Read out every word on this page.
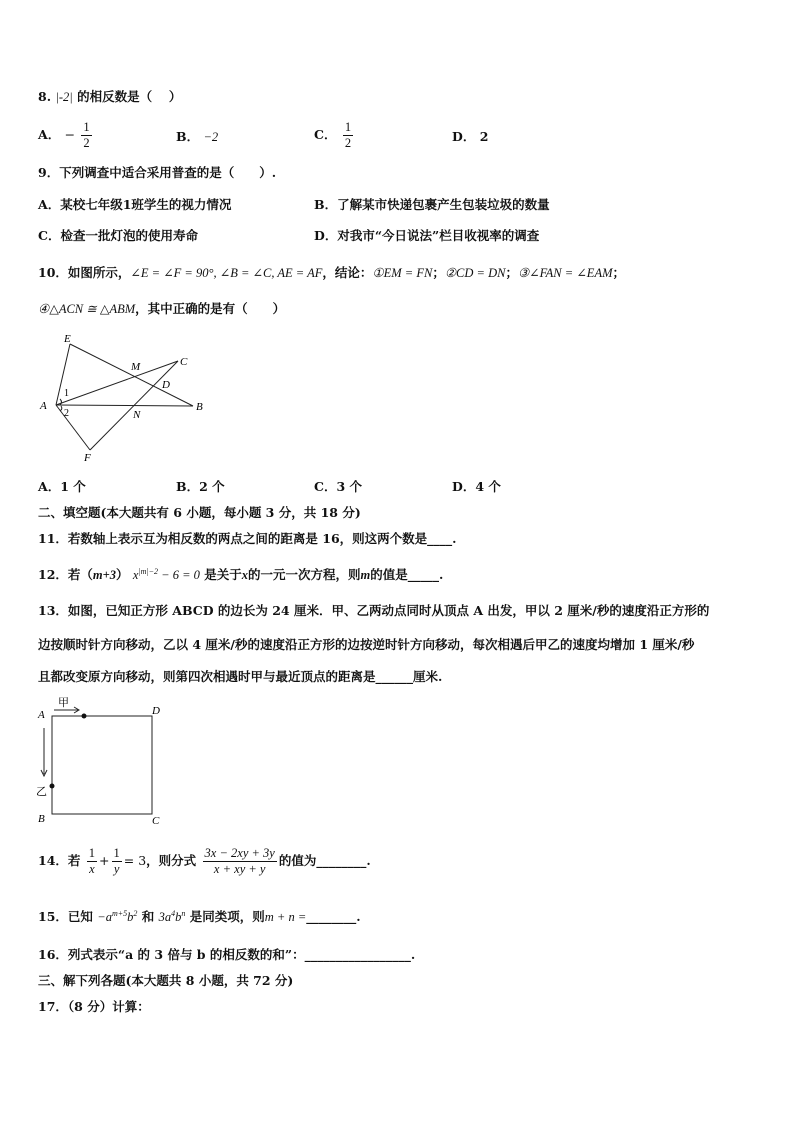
8. |-2| 的相反数是（　 ）
A． − $\frac{1}{2}$	B． −2	C． $\frac{1}{2}$	D． 2
9．下列调查中适合采用普查的是（　　）.
A．某校七年级1班学生的视力情况	B．了解某市快递包裹产生包装垃圾的数量
C．检查一批灯泡的使用寿命	D．对我市“今日说法”栏目收视率的调查
10．如图所示，∠E = ∠F = 90°, ∠B = ∠C, AE = AF，结论：①EM = FN；②CD = DN；③∠FAN = ∠EAM；
④△ACN ≅ △ABM，其中正确的是有（　　）
E
M	C
D
1
2
A	B
N
F
A．1 个	B．2 个	C．3 个	D．4 个
二、填空题(本大题共有 6 小题，每小题 3 分，共 18 分)
11．若数轴上表示互为相反数的两点之间的距离是 16，则这两个数是____.
12．若（m+3） $x^{|m|-2} - 6 = 0$ 是关于x的一元一次方程，则m的值是_____.
13．如图，已知正方形 ABCD 的边长为 24 厘米．甲、乙两动点同时从顶点 A 出发，甲以 2 厘米/秒的速度沿正方形的
边按顺时针方向移动，乙以 4 厘米/秒的速度沿正方形的边按逆时针方向移动，每次相遇后甲乙的速度均增加 1 厘米/秒
且都改变原方向移动，则第四次相遇时甲与最近顶点的距离是______厘米.
A
甲
D
乙
B	C
14．若 $\frac{1}{x} + \frac{1}{y} = 3$，则分式 $\frac{3x - 2xy + 3y}{x + xy + y}$ 的值为________.
15．已知 $-a^{m+5}b^2$ 和 $3a^4b^n$ 是同类项，则m + n =________.
16．列式表示“a 的 3 倍与 b 的相反数的和”：_________________.
三、解下列各题(本大题共 8 小题，共 72 分)
17．（8 分）计算：
